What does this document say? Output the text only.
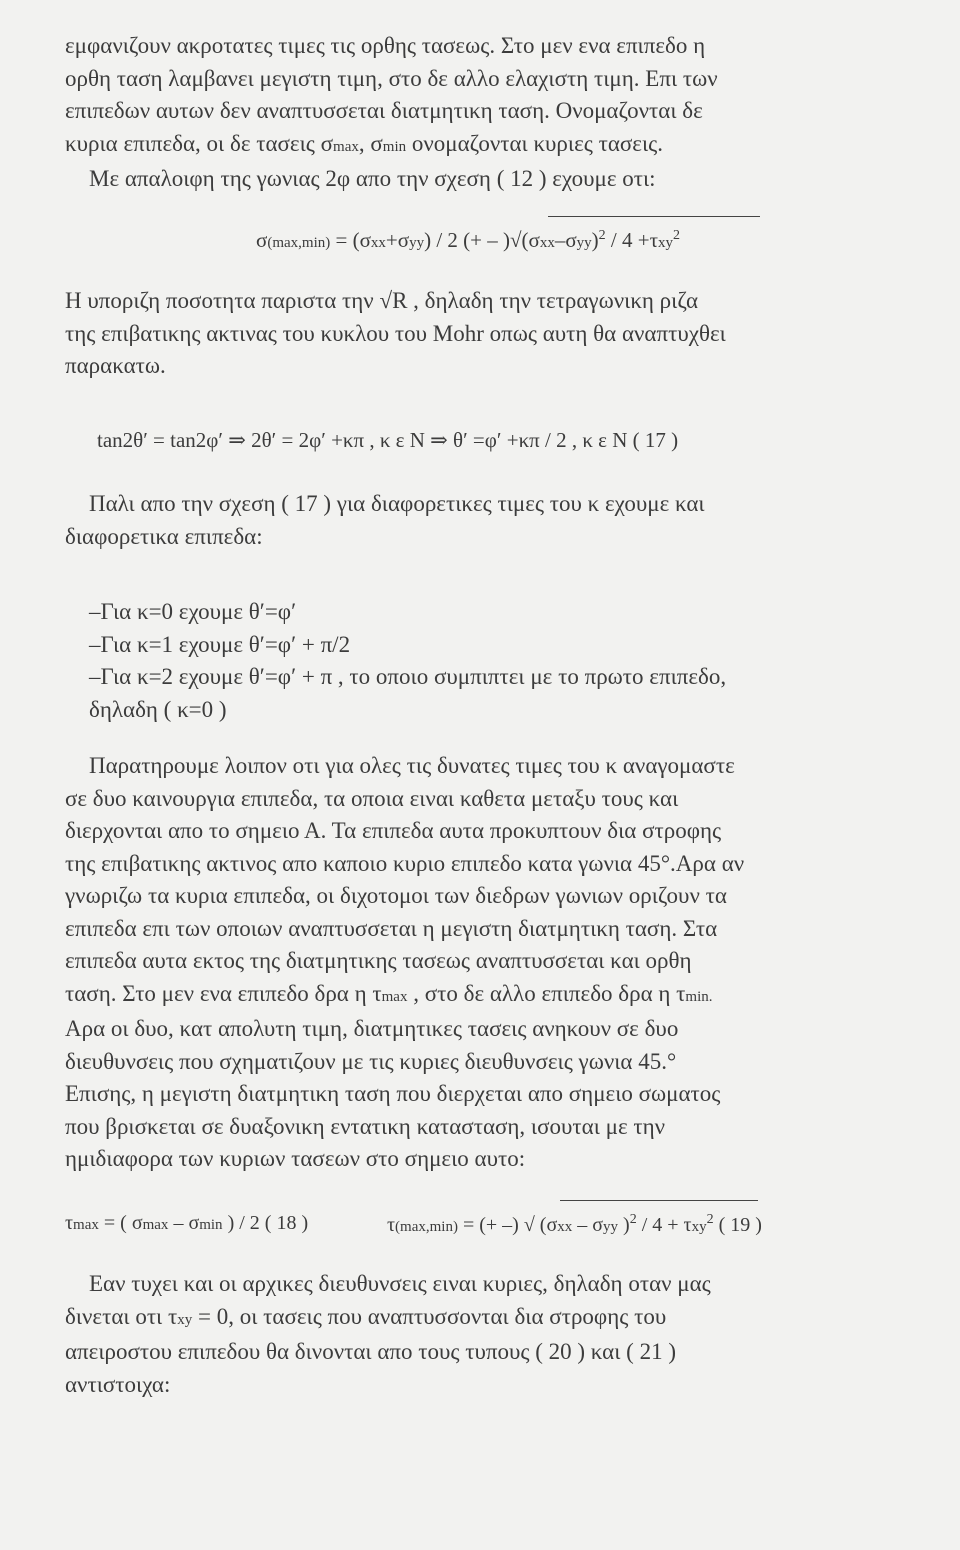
εμφανιζουν ακροτατες τιμες τις ορθης τασεως. Στο μεν ενα επιπεδο η
ορθη ταση λαμβανει μεγιστη τιμη, στο δε αλλο ελαχιστη τιμη. Επι των
επιπεδων αυτων δεν αναπτυσσεται διατμητικη ταση. Ονομαζονται δε
κυρια επιπεδα, οι δε τασεις σmax, σmin ονομαζονται κυριες τασεις.
Με απαλοιφη της γωνιας 2φ απο την σχεση ( 12 ) εχουμε οτι:
σ(max,min) = (σxx+σyy) / 2 (+ – )$√(\sigma xx-\sigma yy)^2 / 4 +\tau xy^2$
Η υποριζη ποσοτητα παριστα την √R , δηλαδη την τετραγωνικη ριζα
της επιβατικης ακτινας του κυκλου του Mohr οπως αυτη θα αναπτυχθει
παρακατω.
tan2θ′ = tan2φ′ ⇒ 2θ′ = 2φ′ +κπ , κ ε Ν ⇒ θ′ =φ′ +κπ / 2 , κ ε Ν ( 17 )
Παλι απο την σχεση ( 17 ) για διαφορετικες τιμες του κ εχουμε και
διαφορετικα επιπεδα:
–Για κ=0 εχουμε θ′=φ′
–Για κ=1 εχουμε θ′=φ′ + π/2
–Για κ=2 εχουμε θ′=φ′ + π , το οποιο συμπιπτει με το πρωτο επιπεδο,
δηλαδη ( κ=0 )
Παρατηρουμε λοιπον οτι για ολες τις δυνατες τιμες του κ αναγομαστε
σε δυο καινουργια επιπεδα, τα οποια ειναι καθετα μεταξυ τους και
διερχονται απο το σημειο Α. Τα επιπεδα αυτα προκυπτουν δια στροφης
της επιβατικης ακτινος απο καποιο κυριο επιπεδο κατα γωνια 45°.Αρα αν
γνωριζω τα κυρια επιπεδα, οι διχοτομοι των διεδρων γωνιων οριζουν τα
επιπεδα επι των οποιων αναπτυσσεται η μεγιστη διατμητικη ταση. Στα
επιπεδα αυτα εκτος της διατμητικης τασεως αναπτυσσεται και ορθη
ταση. Στο μεν ενα επιπεδο δρα η τmax , στο δε αλλο επιπεδο δρα η τmin.
Αρα οι δυο, κατ απολυτη τιμη, διατμητικες τασεις ανηκουν σε δυο
διευθυνσεις που σχηματιζουν με τις κυριες διευθυνσεις γωνια 45.°
Επισης, η μεγιστη διατμητικη ταση που διερχεται απο σημειο σωματος
που βρισκεται σε δυαξονικη εντατικη κατασταση, ισουται με την
ημιδιαφορα των κυριων τασεων στο σημειο αυτο:
τmax = ( σmax – σmin ) / 2 ( 18 )	τ(max,min) = (+ –) √ (σxx – σyy )$^2$ / 4 + τxy$^2$ ( 19 )
Εαν τυχει και οι αρχικες διευθυνσεις ειναι κυριες, δηλαδη οταν μας
δινεται οτι τxy = 0, οι τασεις που αναπτυσσονται δια στροφης του
απειροστου επιπεδου θα δινονται απο τους τυπους ( 20 ) και ( 21 )
αντιστοιχα:
